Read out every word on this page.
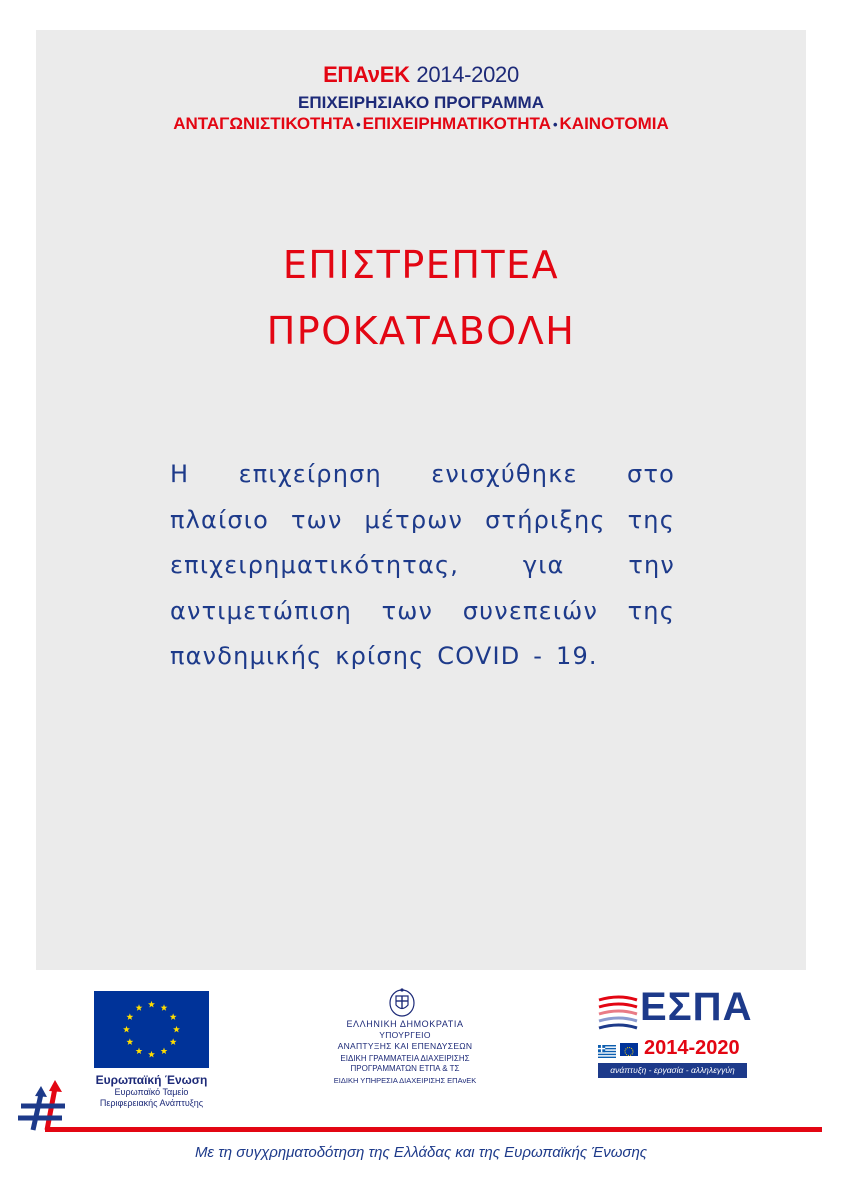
ΕΠΑνΕΚ 2014-2020
ΕΠΙΧΕΙΡΗΣΙΑΚΟ ΠΡΟΓΡΑΜΜΑ
ΑΝΤΑΓΩΝΙΣΤΙΚΟΤΗΤΑ • ΕΠΙΧΕΙΡΗΜΑΤΙΚΟΤΗΤΑ • ΚΑΙΝΟΤΟΜΙΑ
ΕΠΙΣΤΡΕΠΤΕΑ
ΠΡΟΚΑΤΑΒΟΛΗ
Η επιχείρηση ενισχύθηκε στο πλαίσιο των μέτρων στήριξης της επιχειρηματικότητας, για την αντιμετώπιση των συνεπειών της πανδημικής κρίσης COVID - 19.
Ευρωπαϊκή Ένωση
Ευρωπαϊκό Ταμείο
Περιφερειακής Ανάπτυξης
ΕΛΛΗΝΙΚΗ ΔΗΜΟΚΡΑΤΙΑ
ΥΠΟΥΡΓΕΙΟ
ΑΝΑΠΤΥΞΗΣ ΚΑΙ ΕΠΕΝΔΥΣΕΩΝ
ΕΙΔΙΚΗ ΓΡΑΜΜΑΤΕΙΑ ΔΙΑΧΕΙΡΙΣΗΣ
ΠΡΟΓΡΑΜΜΑΤΩΝ ΕΤΠΑ & ΤΣ
ΕΙΔΙΚΗ ΥΠΗΡΕΣΙΑ ΔΙΑΧΕΙΡΙΣΗΣ ΕΠΑνΕΚ
ΕΣΠΑ
2014-2020
ανάπτυξη - εργασία - αλληλεγγύη
Με τη συγχρηματοδότηση της Ελλάδας και της Ευρωπαϊκής Ένωσης
